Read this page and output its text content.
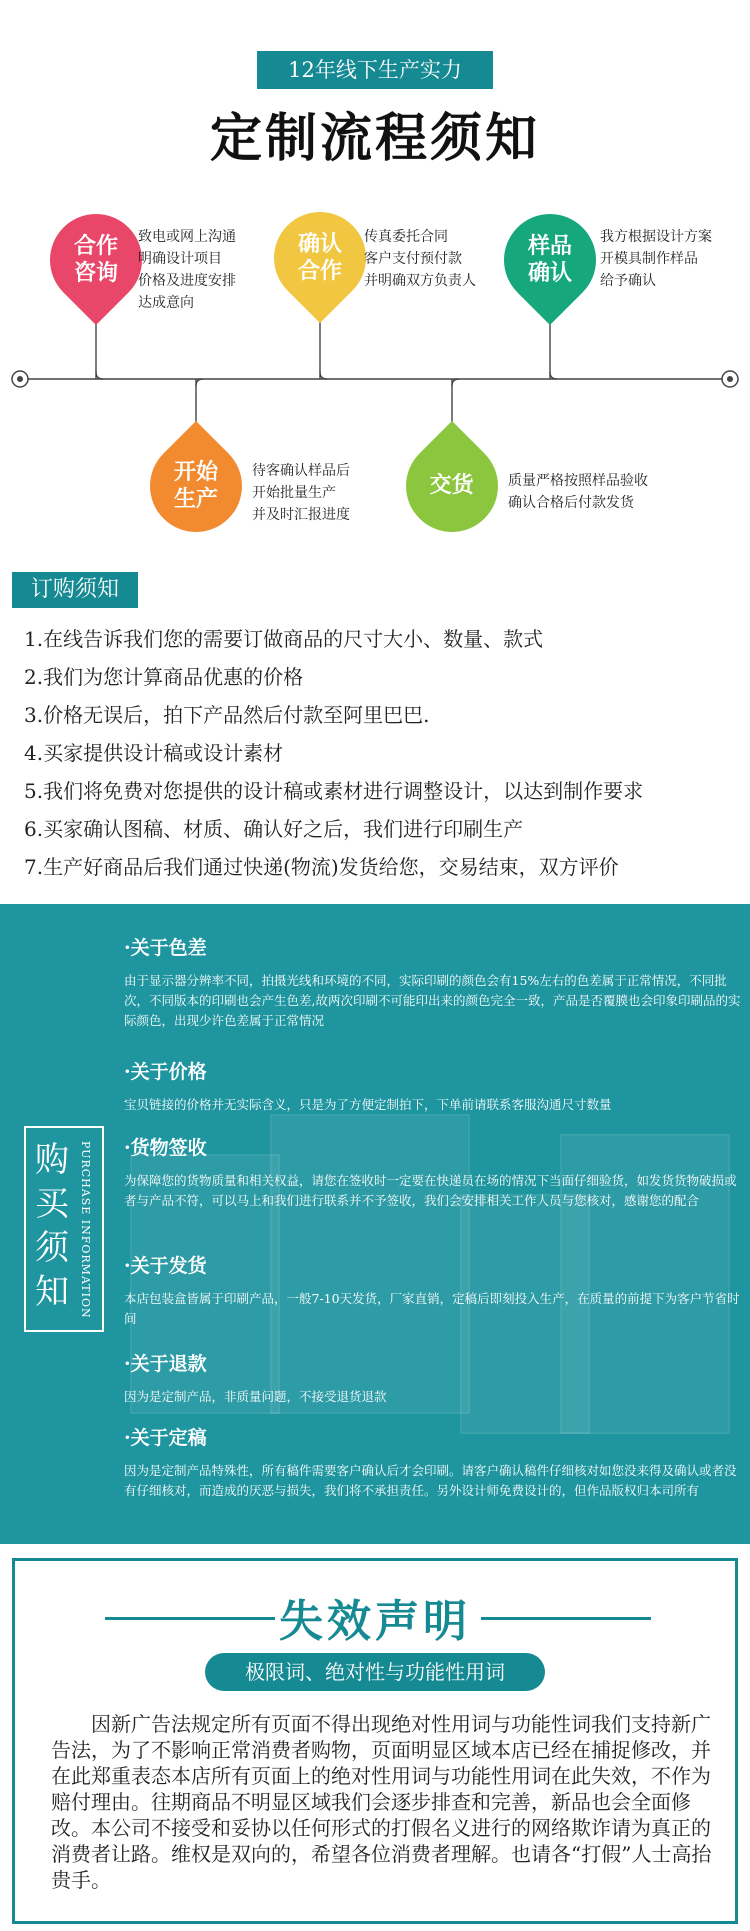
12年线下生产实力
定制流程须知
合作
咨询
致电或网上沟通
明确设计项目
价格及进度安排
达成意向
确认
合作
传真委托合同
客户支付预付款
并明确双方负责人
样品
确认
我方根据设计方案
开模具制作样品
给予确认
开始
生产
待客确认样品后
开始批量生产
并及时汇报进度
交货	质量严格按照样品验收
确认合格后付款发货
订购须知
1.在线告诉我们您的需要订做商品的尺寸大小、数量、款式
2.我们为您计算商品优惠的价格
3.价格无误后，拍下产品然后付款至阿里巴巴.
4.买家提供设计稿或设计素材
5.我们将免费对您提供的设计稿或素材进行调整设计，以达到制作要求
6.买家确认图稿、材质、确认好之后，我们进行印刷生产
7.生产好商品后我们通过快递(物流)发货给您，交易结束，双方评价
购买须知 PURCHASE INFORMATION
·关于色差

由于显示器分辨率不同，拍摄光线和环境的不同，实际印刷的颜色会有15%左右的色差属于正常情况，不同批次，不同版本的印刷也会产生色差,故两次印刷不可能印出来的颜色完全一致，产品是否覆膜也会印象印刷品的实际颜色，出现少许色差属于正常情况

·关于价格

宝贝链接的价格并无实际含义，只是为了方便定制拍下，下单前请联系客服沟通尺寸数量

·货物签收

为保障您的货物质量和相关权益，请您在签收时一定要在快递员在场的情况下当面仔细验货，如发货货物破损或者与产品不符，可以马上和我们进行联系并不予签收，我们会安排相关工作人员与您核对，感谢您的配合

·关于发货

本店包装盒皆属于印刷产品，一般7-10天发货，厂家直销，定稿后即刻投入生产，在质量的前提下为客户节省时间

·关于退款

因为是定制产品，非质量问题，不接受退货退款

·关于定稿

因为是定制产品特殊性，所有稿件需要客户确认后才会印刷。请客户确认稿件仔细核对如您没来得及确认或者没有仔细核对，而造成的厌恶与损失，我们将不承担责任。另外设计师免费设计的，但作品版权归本司所有

失效声明
极限词、绝对性与功能性用词
因新广告法规定所有页面不得出现绝对性用词与功能性词我们支持新广告法，为了不影响正常消费者购物，页面明显区域本店已经在捕捉修改，并在此郑重表态本店所有页面上的绝对性用词与功能性用词在此失效，不作为赔付理由。往期商品不明显区域我们会逐步排查和完善，新品也会全面修改。本公司不接受和妥协以任何形式的打假名义进行的网络欺诈请为真正的消费者让路。维权是双向的，希望各位消费者理解。也请各“打假”人士高抬贵手。
